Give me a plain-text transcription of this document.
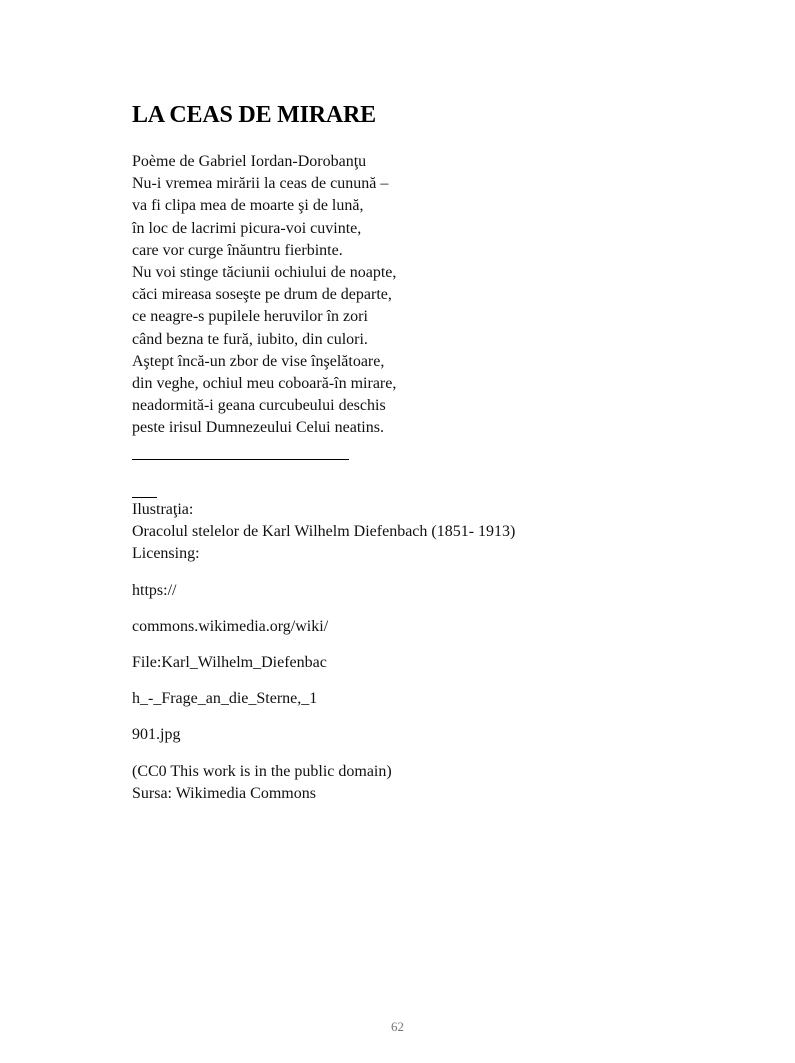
LA CEAS DE MIRARE
Poème de Gabriel Iordan-Dorobanţu
Nu-i vremea mirării la ceas de cunună –
va fi clipa mea de moarte şi de lună,
în loc de lacrimi picura-voi cuvinte,
care vor curge înăuntru fierbinte.
Nu voi stinge tăciunii ochiului de noapte,
căci mireasa soseşte pe drum de departe,
ce neagre-s pupilele heruvilor în zori
când bezna te fură, iubito, din culori.
Aştept încă-un zbor de vise înşelătoare,
din veghe, ochiul meu coboară-în mirare,
neadormită-i geana curcubeului deschis
peste irisul Dumnezeului Celui neatins.
Ilustraţia:
Oracolul stelelor de Karl Wilhelm Diefenbach (1851- 1913)
Licensing:
https://
commons.wikimedia.org/wiki/
File:Karl_Wilhelm_Diefenbac
h_-_Frage_an_die_Sterne,_1
901.jpg
(CC0 This work is in the public domain)
Sursa: Wikimedia Commons
62
